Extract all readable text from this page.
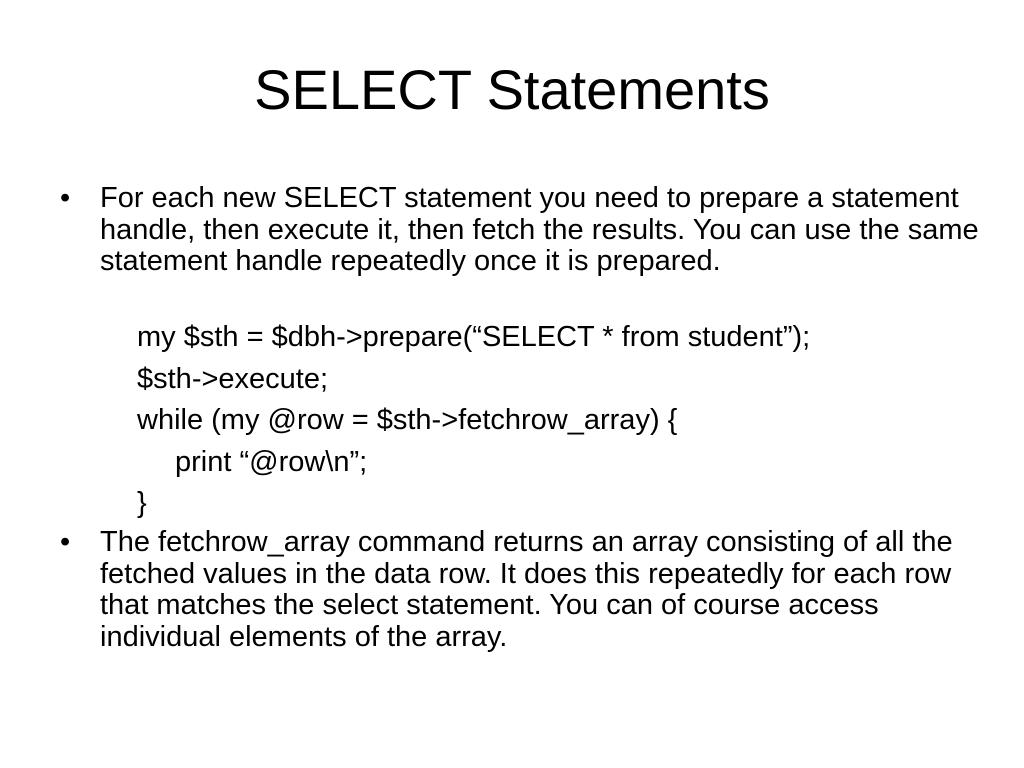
SELECT Statements
• For each new SELECT statement you need to prepare a statement handle, then execute it, then fetch the results. You can use the same statement handle repeatedly once it is prepared.
my $sth = $dbh->prepare(“SELECT * from student”);
$sth->execute;
while (my @row = $sth->fetchrow_array) {
print “@row\n”;
}
• The fetchrow_array command returns an array consisting of all the fetched values in the data row. It does this repeatedly for each row that matches the select statement. You can of course access individual elements of the array.
